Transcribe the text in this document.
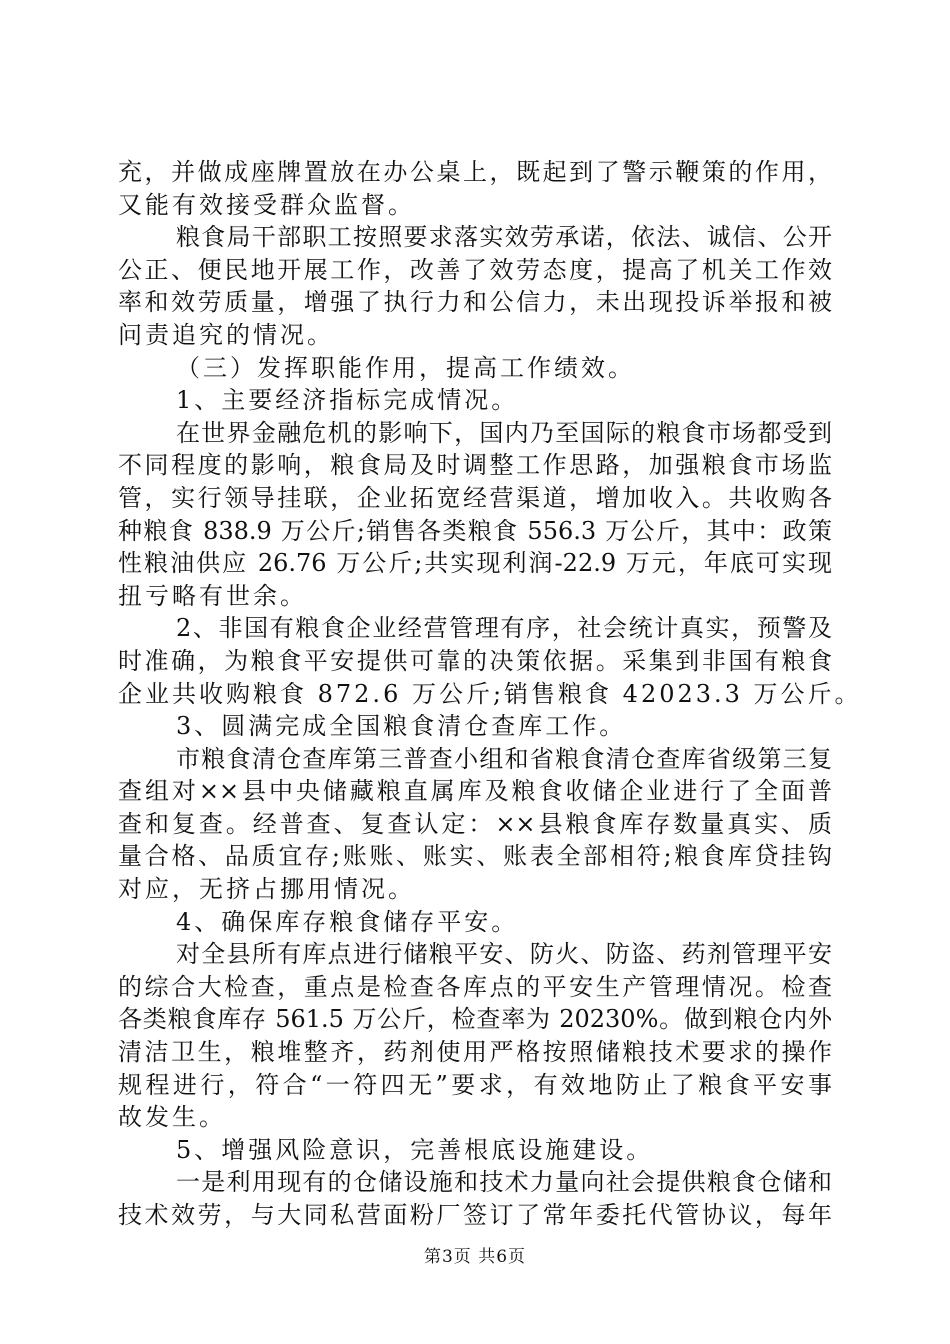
充，并做成座牌置放在办公桌上，既起到了警示鞭策的作用，
又能有效接受群众监督。
粮食局干部职工按照要求落实效劳承诺，依法、诚信、公开
公正、便民地开展工作，改善了效劳态度，提高了机关工作效
率和效劳质量，增强了执行力和公信力，未出现投诉举报和被
问责追究的情况。
（三）发挥职能作用，提高工作绩效。
1、主要经济指标完成情况。
在世界金融危机的影响下，国内乃至国际的粮食市场都受到
不同程度的影响，粮食局及时调整工作思路，加强粮食市场监
管，实行领导挂联，企业拓宽经营渠道，增加收入。共收购各
种粮食 838.9 万公斤;销售各类粮食 556.3 万公斤，其中：政策
性粮油供应 26.76 万公斤;共实现利润-22.9 万元，年底可实现
扭亏略有世余。
2、非国有粮食企业经营管理有序，社会统计真实，预警及
时准确，为粮食平安提供可靠的决策依据。采集到非国有粮食
企业共收购粮食 872.6 万公斤;销售粮食 42023.3 万公斤。
3、圆满完成全国粮食清仓查库工作。
市粮食清仓查库第三普查小组和省粮食清仓查库省级第三复
查组对××县中央储藏粮直属库及粮食收储企业进行了全面普
查和复查。经普查、复查认定：××县粮食库存数量真实、质
量合格、品质宜存;账账、账实、账表全部相符;粮食库贷挂钩
对应，无挤占挪用情况。
4、确保库存粮食储存平安。
对全县所有库点进行储粮平安、防火、防盗、药剂管理平安
的综合大检查，重点是检查各库点的平安生产管理情况。检查
各类粮食库存 561.5 万公斤，检查率为 20230%。做到粮仓内外
清洁卫生，粮堆整齐，药剂使用严格按照储粮技术要求的操作
规程进行，符合“一符四无”要求，有效地防止了粮食平安事
故发生。
5、增强风险意识，完善根底设施建设。
一是利用现有的仓储设施和技术力量向社会提供粮食仓储和
技术效劳，与大同私营面粉厂签订了常年委托代管协议，每年
第3页 共6页
